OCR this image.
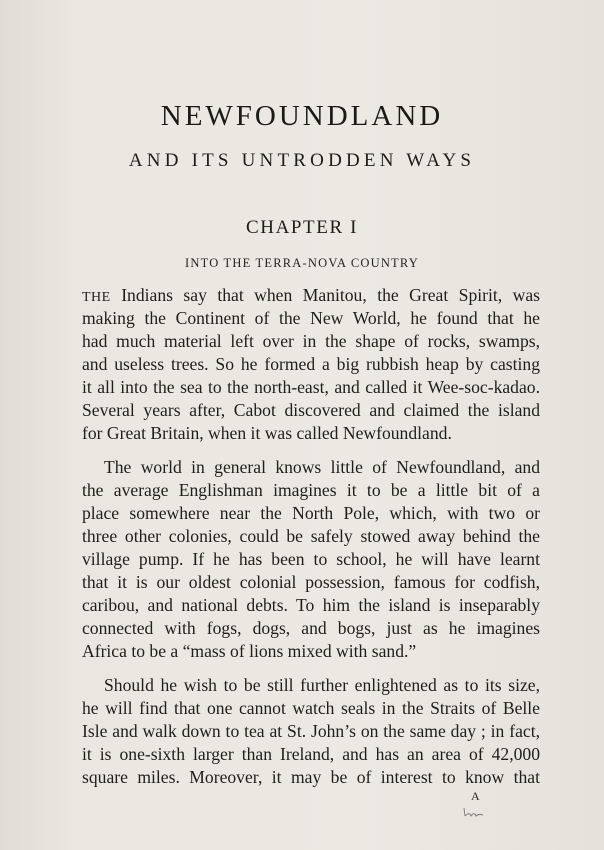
NEWFOUNDLAND
AND ITS UNTRODDEN WAYS
CHAPTER I
INTO THE TERRA-NOVA COUNTRY
THE Indians say that when Manitou, the Great Spirit, was
making the Continent of the New World, he found that he
had much material left over in the shape of rocks, swamps,
and useless trees. So he formed a big rubbish heap by casting
it all into the sea to the north-east, and called it Wee-soc-kadao.
Several years after, Cabot discovered and claimed the island
for Great Britain, when it was called Newfoundland.
The world in general knows little of Newfoundland, and
the average Englishman imagines it to be a little bit of a
place somewhere near the North Pole, which, with two or
three other colonies, could be safely stowed away behind the
village pump. If he has been to school, he will have learnt
that it is our oldest colonial possession, famous for codfish,
caribou, and national debts. To him the island is inseparably
connected with fogs, dogs, and bogs, just as he imagines
Africa to be a “mass of lions mixed with sand.”
Should he wish to be still further enlightened as to its size,
he will find that one cannot watch seals in the Straits of Belle
Isle and walk down to tea at St. John’s on the same day ; in fact,
it is one-sixth larger than Ireland, and has an area of 42,000
square miles. Moreover, it may be of interest to know that
A
